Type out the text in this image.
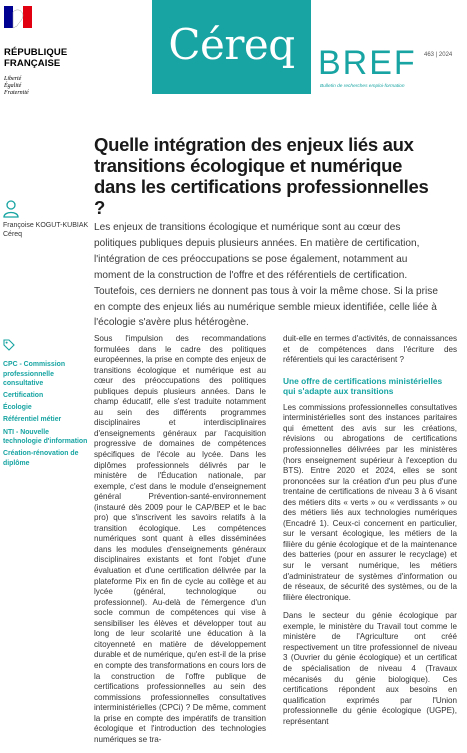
RÉPUBLIQUE
FRANÇAISE
Liberté
Égalité
Fraternité
Céreq BREF 463 | 2024
Bulletin de recherches emploi-formation
Quelle intégration des enjeux liés aux transitions écologique et numérique dans les certifications professionnelles ?
Françoise KOGUT-KUBIAK
Céreq
Les enjeux de transitions écologique et numérique sont au cœur des politiques publiques depuis plusieurs années. En matière de certification, l'intégration de ces préoccupations se pose également, notamment au moment de la construction de l'offre et des référentiels de certification. Toutefois, ces derniers ne donnent pas tous à voir la même chose. Si la prise en compte des enjeux liés au numérique semble mieux identifiée, celle liée à l'écologie s'avère plus hétérogène.
CPC - Commission professionnelle consultative
Certification
Écologie
Référentiel métier
NTI - Nouvelle technologie d'information
Création-rénovation de diplôme

Sous l'impulsion des recommandations formulées dans le cadre des politiques européennes, la prise en compte des enjeux de transitions écologique et numérique est au cœur des préoccupations des politiques publiques depuis plusieurs années. Dans le champ éducatif, elle s'est traduite notamment au sein des différents programmes disciplinaires et interdisciplinaires d'enseignements généraux par l'acquisition progressive de domaines de compétences spécifiques de l'école au lycée. Dans les diplômes professionnels délivrés par le ministère de l'Éducation nationale, par exemple, c'est dans le module d'enseignement général Prévention-santé-environnement (instauré dès 2009 pour le CAP/BEP et le bac pro) que s'inscrivent les savoirs relatifs à la transition écologique. Les compétences numériques sont quant à elles disséminées dans les modules d'enseignements généraux disciplinaires existants et font l'objet d'une évaluation et d'une certification délivrée par la plateforme Pix en fin de cycle au collège et au lycée (général, technologique ou professionnel). Au-delà de l'émergence d'un socle commun de compétences qui vise à sensibiliser les élèves et développer tout au long de leur scolarité une éducation à la citoyenneté en matière de développement durable et de numérique, qu'en est-il de la prise en compte des transformations en cours lors de la construction de l'offre publique de certifications professionnelles au sein des commissions professionnelles consultatives interministérielles (CPCi) ? De même, comment la prise en compte des impératifs de transition écologique et l'introduction des technologies numériques se tra-

duit-elle en termes d'activités, de connaissances et de compétences dans l'écriture des référentiels qui les caractérisent ?

Une offre de certifications ministérielles qui s'adapte aux transitions

Les commissions professionnelles consultatives interministérielles sont des instances paritaires qui émettent des avis sur les créations, révisions ou abrogations de certifications professionnelles délivrées par les ministères (hors enseignement supérieur à l'exception du BTS). Entre 2020 et 2024, elles se sont prononcées sur la création d'un peu plus d'une trentaine de certifications de niveau 3 à 6 visant des métiers dits « verts » ou « verdissants » ou des métiers liés aux technologies numériques (Encadré 1). Ceux-ci concernent en particulier, sur le versant écologique, les métiers de la filière du génie écologique et de la maintenance des batteries (pour en assurer le recyclage) et sur le versant numérique, les métiers d'administrateur de systèmes d'information ou de réseaux, de sécurité des systèmes, ou de la filière électronique.

Dans le secteur du génie écologique par exemple, le ministère du Travail tout comme le ministère de l'Agriculture ont créé respectivement un titre professionnel de niveau 3 (Ouvrier du génie écologique) et un certificat de spécialisation de niveau 4 (Travaux mécanisés du génie biologique). Ces certifications répondent aux besoins en qualification exprimés par l'Union professionnelle du génie écologique (UGPE), représentant
